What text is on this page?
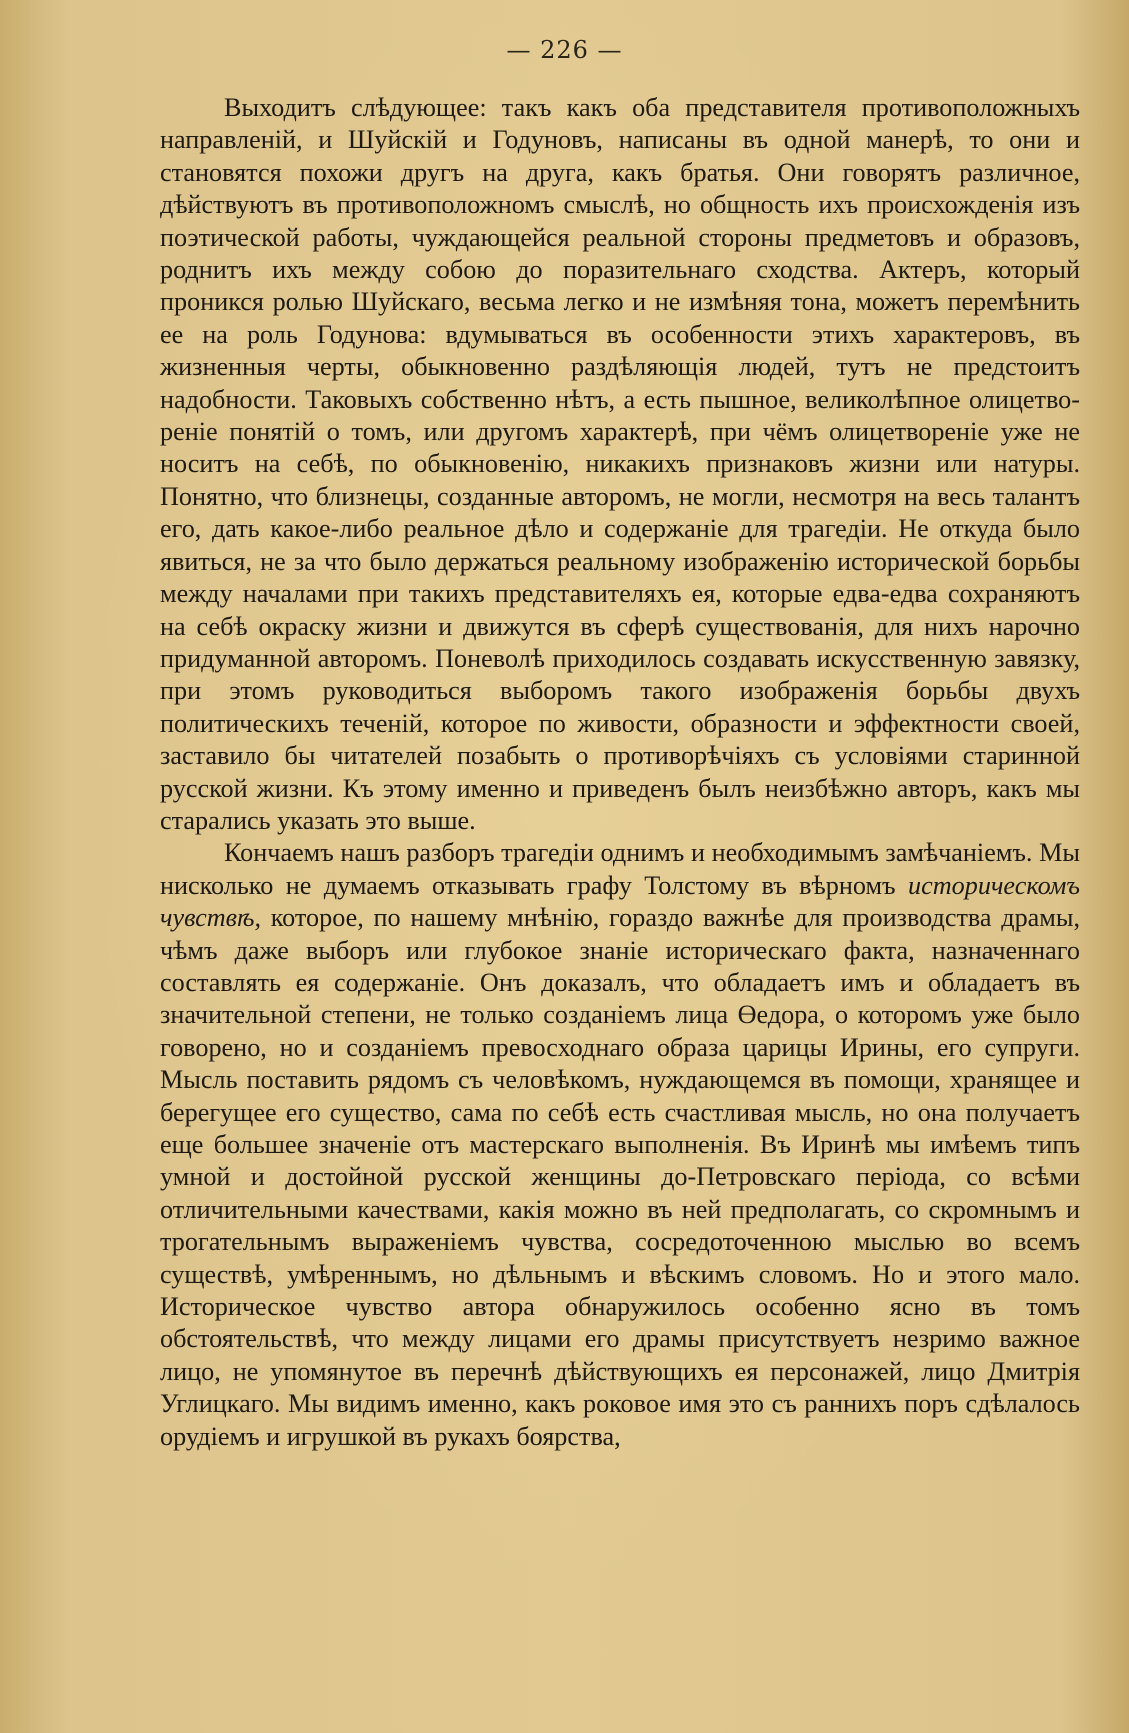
— 226 —

Выходитъ слѣдующее: такъ какъ оба представителя противоположныхъ направленій, и Шуйскій и Годуновъ, написаны въ одной манерѣ, то они и становятся похожи другъ на друга, какъ братья. Они говорятъ различное, дѣйствуютъ въ противоположномъ смыслѣ, но общность ихъ происхожденія изъ поэтической работы, чуждающейся реальной стороны предметовъ и образовъ, роднитъ ихъ между собою до поразительнаго сходства. Актеръ, который проникся ролью Шуйскаго, весьма легко и не измѣняя тона, можетъ перемѣнить ее на роль Годунова: вдумываться въ особенности этихъ характеровъ, въ жизненныя черты, обыкновенно раздѣляющія людей, тутъ не предстоитъ надобности. Таковыхъ собственно нѣтъ, а есть пышное, великолѣпное олицетвореніе понятій о томъ, или другомъ характерѣ, при чёмъ олицетвореніе уже не носитъ на себѣ, по обыкновенію, никакихъ признаковъ жизни или натуры. Понятно, что близнецы, созданные авторомъ, не могли, несмотря на весь талантъ его, дать какое-либо реальное дѣло и содержаніе для трагедіи. Не откуда было явиться, не за что было держаться реальному изображенію исторической борьбы между началами при такихъ представителяхъ ея, которые едва-едва сохраняютъ на себѣ окраску жизни и движутся въ сферѣ существованія, для нихъ нарочно придуманной авторомъ. Поневолѣ приходилось создавать искусственную завязку, при этомъ руководиться выборомъ такого изображенія борьбы двухъ политическихъ теченій, которое по живости, образности и эффектности своей, заставило бы читателей позабыть о противорѣчіяхъ съ условіями старинной русской жизни. Къ этому именно и приведенъ былъ неизбѣжно авторъ, какъ мы старались указать это выше.

Кончаемъ нашъ разборъ трагедіи однимъ и необходимымъ замѣчаніемъ. Мы нисколько не думаемъ отказывать графу Толстому въ вѣрномъ историческомъ чувствѣ, которое, по нашему мнѣнію, гораздо важнѣе для производства драмы, чѣмъ даже выборъ или глубокое знаніе историческаго факта, назначеннаго составлять ея содержаніе. Онъ доказалъ, что обладаетъ имъ и обладаетъ въ значительной степени, не только созданіемъ лица Өедора, о которомъ уже было говорено, но и созданіемъ превосходнаго образа царицы Ирины, его супруги. Мысль поставить рядомъ съ человѣкомъ, нуждающемся въ помощи, хранящее и берегущее его существо, сама по себѣ есть счастливая мысль, но она получаетъ еще большее значеніе отъ мастерскаго выполненія. Въ Иринѣ мы имѣемъ типъ умной и достойной русской женщины до-Петровскаго періода, со всѣми отличительными качествами, какія можно въ ней предполагать, со скромнымъ и трогательнымъ выраженіемъ чувства, сосредоточенною мыслью во всемъ существѣ, умѣреннымъ, но дѣльнымъ и вѣскимъ словомъ. Но и этого мало. Историческое чувство автора обнаружилось особенно ясно въ томъ обстоятельствѣ, что между лицами его драмы присутствуетъ незримо важное лицо, не упомянутое въ перечнѣ дѣйствующихъ ея персонажей, лицо Дмитрія Углицкаго. Мы видимъ именно, какъ роковое имя это съ раннихъ поръ сдѣлалось орудіемъ и игрушкой въ рукахъ боярства,
